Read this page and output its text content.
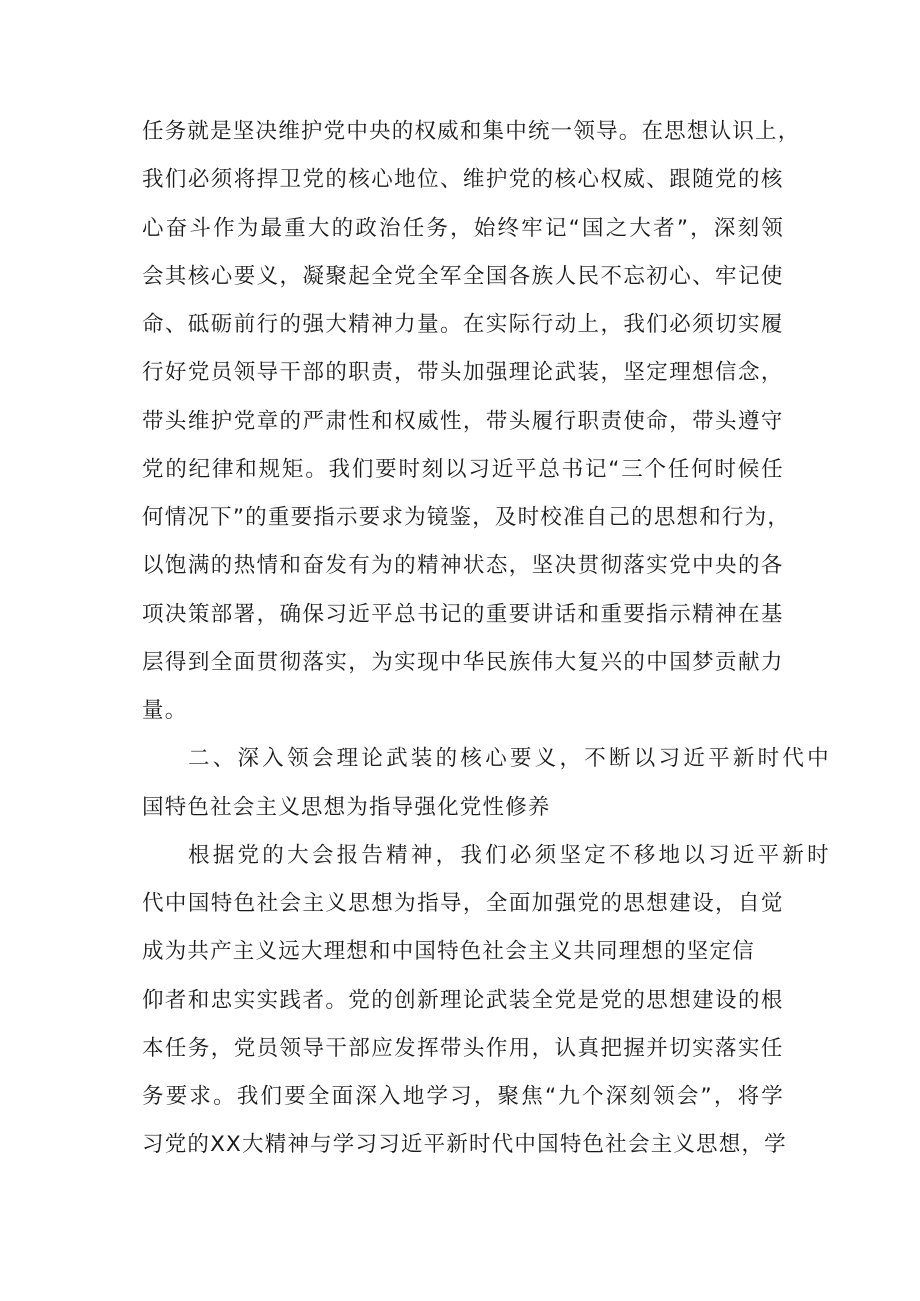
任 务 就 是 坚 决 维 护 党 中 央 的 权 威 和 集 中 统 一 领 导 。 在 思 想 认 识 上 ，
我 们 必 须 将 捍 卫 党 的 核 心 地 位 、 维 护 党 的 核 心 权 威 、 跟 随 党 的 核
心 奋 斗 作 为 最 重 大 的 政 治 任 务 ， 始 终 牢 记 “ 国 之 大 者 ” ， 深 刻 领
会 其 核 心 要 义 ， 凝 聚 起 全 党 全 军 全 国 各 族 人 民 不 忘 初 心 、 牢 记 使
命 、 砥 砺 前 行 的 强 大 精 神 力 量 。 在 实 际 行 动 上 ， 我 们 必 须 切 实 履
行 好 党 员 领 导 干 部 的 职 责 ， 带 头 加 强 理 论 武 装 ， 坚 定 理 想 信 念 ，
带 头 维 护 党 章 的 严 肃 性 和 权 威 性 ， 带 头 履 行 职 责 使 命 ， 带 头 遵 守
党 的 纪 律 和 规 矩 。 我 们 要 时 刻 以 习 近 平 总 书 记 “ 三 个 任 何 时 候 任
何 情 况 下 ” 的 重 要 指 示 要 求 为 镜 鉴 ， 及 时 校 准 自 己 的 思 想 和 行 为 ，
以 饱 满 的 热 情 和 奋 发 有 为 的 精 神 状 态 ， 坚 决 贯 彻 落 实 党 中 央 的 各
项 决 策 部 署 ， 确 保 习 近 平 总 书 记 的 重 要 讲 话 和 重 要 指 示 精 神 在 基
层 得 到 全 面 贯 彻 落 实 ， 为 实 现 中 华 民 族 伟 大 复 兴 的 中 国 梦 贡 献 力
量。
二 、 深 入 领 会 理 论 武 装 的 核 心 要 义 ， 不 断 以 习 近 平 新 时 代 中
国特色社会主义思想为指导强化党性修养
根 据 党 的 大 会 报 告 精 神 ， 我 们 必 须 坚 定 不 移 地 以 习 近 平 新 时
代 中 国 特 色 社 会 主 义 思 想 为 指 导 ， 全 面 加 强 党 的 思 想 建 设 ， 自 觉
成为共产主义远大理想和中国特色社会主义共同理想的坚定信
仰 者 和 忠 实 实 践 者 。 党 的 创 新 理 论 武 装 全 党 是 党 的 思 想 建 设 的 根
本 任 务 ， 党 员 领 导 干 部 应 发 挥 带 头 作 用 ， 认 真 把 握 并 切 实 落 实 任
务 要 求 。 我 们 要 全 面 深 入 地 学 习 ， 聚 焦 “ 九 个 深 刻 领 会 ” ， 将 学
习 党 的 X X 大 精 神 与 学 习 习 近 平 新 时 代 中 国 特 色 社 会 主 义 思 想 ， 学
